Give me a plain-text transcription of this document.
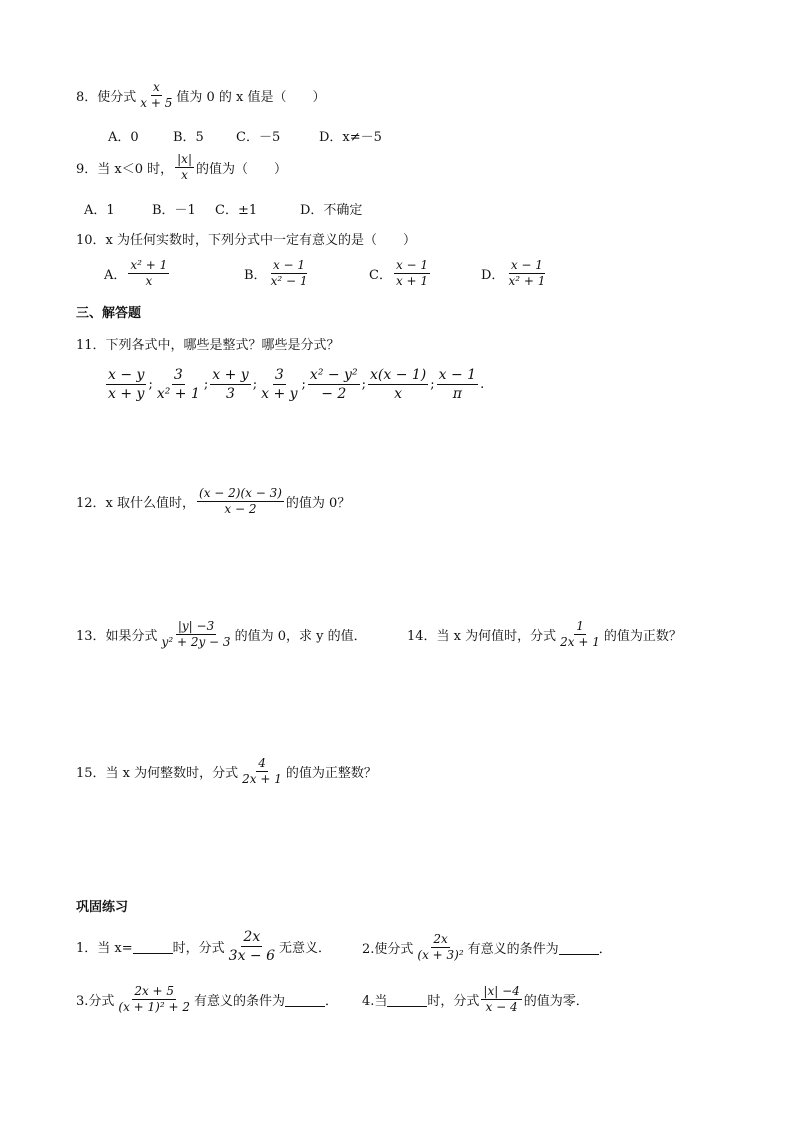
8．使分式 $\frac{x}{x + 5}$ 值为 0 的 x 值是（　　）
A．0	B．5 C．－5	D．x≠－5
9．当 x＜0 时， $\frac{|x|}{x}$ 的值为（　　）
A．1	B．－1 C．±1	D．不确定
10．x 为任何实数时，下列分式中一定有意义的是（　　）
A． $\frac{\text{x² + 1}}{x}$	B． $\frac{x - 1}{\text{x² − 1}}$	C． $\frac{x - 1}{x + 1}$	D． $\frac{x - 1}{\text{x² + 1}}$
三、解答题
11．下列各式中，哪些是整式？哪些是分式？
$\frac{x - y}{x + y}$ ; $\frac{3}{\text{x² + 1}}$ ; $\frac{x + y}{3}$ ; $\frac{3}{x + y}$ ; $\frac{\text{x² − y²}}{- 2}$ ; $\frac{x(x - 1)}{x}$ ; $\frac{x - 1}{\pi}$ .
12．x 取什么值时， $\frac{(x - 2)(x - 3)}{x - 2}$ 的值为 0？
13．如果分式 $\frac{|y| -3}{\text{y² + 2y − 3}}$ 的值为 0，求 y 的值．	14．当 x 为何值时，分式 $\frac{1}{2x + 1}$ 的值为正数？
15．当 x 为何整数时，分式 $\frac{4}{2x + 1}$ 的值为正整数？
巩固练习
1．当 x=	时，分式 $\frac{2x}{3x - 6}$ 无意义． 2.使分式 $\frac{2x}{\text{(x + 3)²}}$ 有意义的条件为	．
3.分式 $\frac{2x + 5}{\text{(x + 1)² + 2}}$ 有意义的条件为	． 4.当	时，分式 $\frac{|x| -4}{x - 4}$ 的值为零．
